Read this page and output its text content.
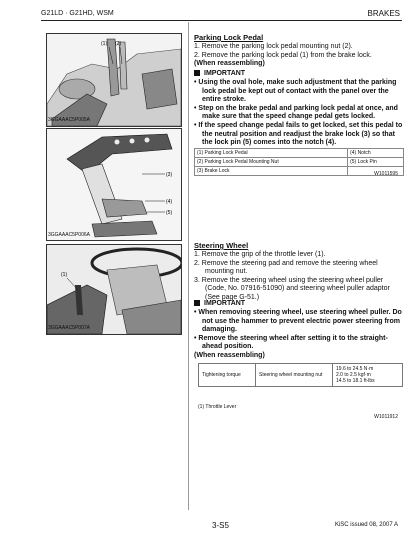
G21LD · G21HD, WSM	BRAKES
(1) (2)
3GGAAAC5P005A
(3)
(4)
(5)
3GGAAAC5P006A
(1)
3GGAAAC5P007A
Parking Lock Pedal
1. Remove the parking lock pedal mounting nut (2).
2. Remove the parking lock pedal (1) from the brake lock.
(When reassembling)
IMPORTANT
• Using the oval hole, make such adjustment that the parking lock pedal be kept out of contact with the panel over the entire stroke.
• Step on the brake pedal and parking lock pedal at once, and make sure that the speed change pedal gets locked.
• If the speed change pedal fails to get locked, set this pedal to the neutral position and readjust the brake lock (3) so that the lock pin (5) comes into the notch (4).
(1) Parking Lock Pedal	(4) Notch
(2) Parking Lock Pedal Mounting Nut	(5) Lock Pin
(3) Brake Lock		W1011595
Steering Wheel
1. Remove the grip of the throttle lever (1).
2. Remove the steering pad and remove the steering wheel mounting nut.
3. Remove the steering wheel using the steering wheel puller (Code, No. 07916-51090) and steering wheel puller adaptor (See page G-51.)
IMPORTANT
• When removing steering wheel, use steering wheel puller. Do not use the hammer to prevent electric power steering from damaging.
• Remove the steering wheel after setting it to the straight-ahead position.
(When reassembling)
Tightening torque	Steering wheel mounting nut	
19.6 to 24.5 N·m
2.0 to 2.5 kgf·m
14.5 to 18.1 ft-lbs
(1) Throttle Lever
W1011912
3-S5	KiSC issued 08, 2007 A
